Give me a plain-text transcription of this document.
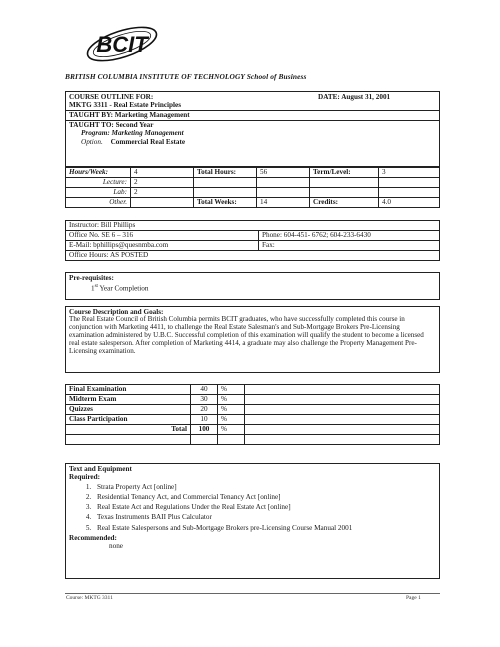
BCIT
BRITISH COLUMBIA INSTITUTE OF TECHNOLOGY School of Business
COURSE OUTLINE FOR:	DATE: August 31, 2001
MKTG 3311 - Real Estate Principles
TAUGHT BY: Marketing Management
TAUGHT TO: Second Year
Program: Marketing Management
Option. Commercial Real Estate
Hours/Week:	4	Total Hours:	56	Term/Level:	3
Lecture:	2				
Lab:	2				
Other.		Total Weeks:	14	Credits:	4.0
Instructor: Bill Phillips	
Office No. SE 6 – 316	Phone: 604-451- 6762; 604-233-6430
E-Mail: bphillips@quesnmba.com	Fax:
Office Hours: AS POSTED	
Pre-requisites:
1st Year Completion
Course Description and Goals:
The Real Estate Council of British Columbia permits BCIT graduates, who have successfully completed this course in conjunction with Marketing 4411, to challenge the Real Estate Salesman's and Sub-Mortgage Brokers Pre-Licensing examination administered by U.B.C. Successful completion of this examination will qualify the student to become a licensed real estate salesperson. After completion of Marketing 4414, a graduate may also challenge the Property Management Pre-Licensing examination.
Final Examination	40	%	
Midterm Exam	30	%	
Quizzes	20	%	
Class Participation	10	%	
Total	100	%	

Text and Equipment
Required:
1. Strata Property Act [online]
2. Residential Tenancy Act, and Commercial Tenancy Act [online]
3. Real Estate Act and Regulations Under the Real Estate Act [online]
4. Texas Instruments BAII Plus Calculator
5. Real Estate Salespersons and Sub-Mortgage Brokers pre-Licensing Course Manual 2001
Recommended:
none
Course: MKTG 3311	Page 1
